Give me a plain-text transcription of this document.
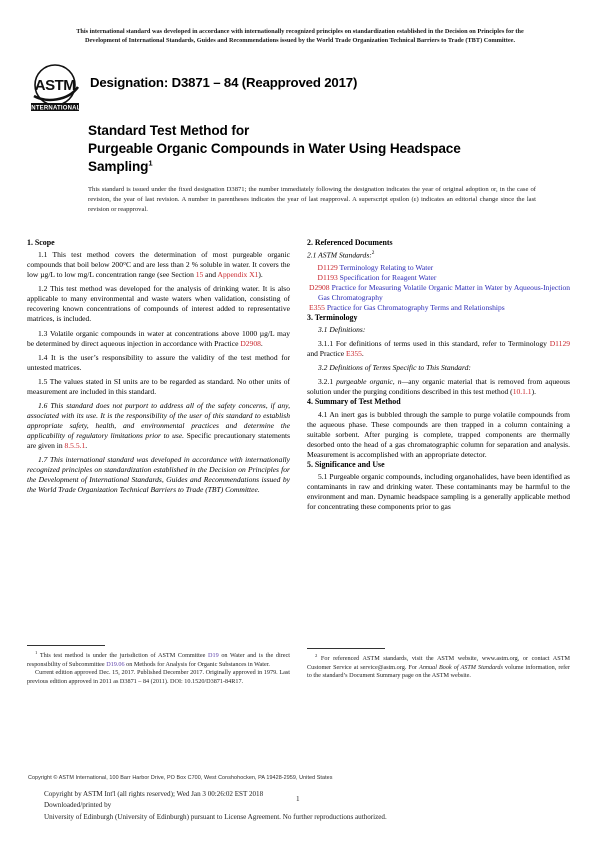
This international standard was developed in accordance with internationally recognized principles on standardization established in the Decision on Principles for the
Development of International Standards, Guides and Recommendations issued by the World Trade Organization Technical Barriers to Trade (TBT) Committee.
ASTM
INTERNATIONAL
Designation: D3871 – 84 (Reapproved 2017)
Standard Test Method for
Purgeable Organic Compounds in Water Using Headspace
Sampling$^1$
This standard is issued under the fixed designation D3871; the number immediately following the designation indicates the year of original adoption or, in the case of revision, the year of last revision. A number in parentheses indicates the year of last reapproval. A superscript epsilon (ε) indicates an editorial change since the last revision or reapproval.
1. Scope

1.1 This test method covers the determination of most purgeable organic compounds that boil below 200°C and are less than 2 % soluble in water. It covers the low µg/L to low mg/L concentration range (see Section 15 and Appendix X1).

1.2 This test method was developed for the analysis of drinking water. It is also applicable to many environmental and waste waters when validation, consisting of recovering known concentrations of compounds of interest added to representative matrices, is included.

1.3 Volatile organic compounds in water at concentrations above 1000 µg/L may be determined by direct aqueous injection in accordance with Practice D2908.

1.4 It is the user’s responsibility to assure the validity of the test method for untested matrices.

1.5 The values stated in SI units are to be regarded as standard. No other units of measurement are included in this standard.

1.6 This standard does not purport to address all of the safety concerns, if any, associated with its use. It is the responsibility of the user of this standard to establish appropriate safety, health, and environmental practices and determine the applicability of regulatory limitations prior to use. Specific precautionary statements are given in 8.5.5.1.

1.7 This international standard was developed in accordance with internationally recognized principles on standardization established in the Decision on Principles for the Development of International Standards, Guides and Recommendations issued by the World Trade Organization Technical Barriers to Trade (TBT) Committee.

2. Referenced Documents

2.1 ASTM Standards:$^2$

D1129 Terminology Relating to Water
D1193 Specification for Reagent Water
D2908 Practice for Measuring Volatile Organic Matter in Water by Aqueous-Injection Gas Chromatography
E355 Practice for Gas Chromatography Terms and Relationships
3. Terminology

3.1 Definitions:

3.1.1 For definitions of terms used in this standard, refer to Terminology D1129 and Practice E355.

3.2 Definitions of Terms Specific to This Standard:

3.2.1 purgeable organic, n—any organic material that is removed from aqueous solution under the purging conditions described in this test method (10.1.1).

4. Summary of Test Method

4.1 An inert gas is bubbled through the sample to purge volatile compounds from the aqueous phase. These compounds are then trapped in a column containing a suitable sorbent. After purging is complete, trapped components are thermally desorbed onto the head of a gas chromatographic column for separation and analysis. Measurement is accomplished with an appropriate detector.

5. Significance and Use

5.1 Purgeable organic compounds, including organohalides, have been identified as contaminants in raw and drinking water. These contaminants may be harmful to the environment and man. Dynamic headspace sampling is a generally applicable method for concentrating these components prior to gas

$^1$ This test method is under the jurisdiction of ASTM Committee D19 on Water and is the direct responsibility of Subcommittee D19.06 on Methods for Analysis for Organic Substances in Water.

Current edition approved Dec. 15, 2017. Published December 2017. Originally approved in 1979. Last previous edition approved in 2011 as D3871 – 84 (2011). DOI: 10.1520/D3871-84R17.

$^2$ For referenced ASTM standards, visit the ASTM website, www.astm.org, or contact ASTM Customer Service at service@astm.org. For Annual Book of ASTM Standards volume information, refer to the standard’s Document Summary page on the ASTM website.

Copyright © ASTM International, 100 Barr Harbor Drive, PO Box C700, West Conshohocken, PA 19428-2959, United States
Copyright by ASTM Int'l (all rights reserved); Wed Jan 3 00:26:02 EST 2018
Downloaded/printed by
University of Edinburgh (University of Edinburgh) pursuant to License Agreement. No further reproductions authorized.
1
